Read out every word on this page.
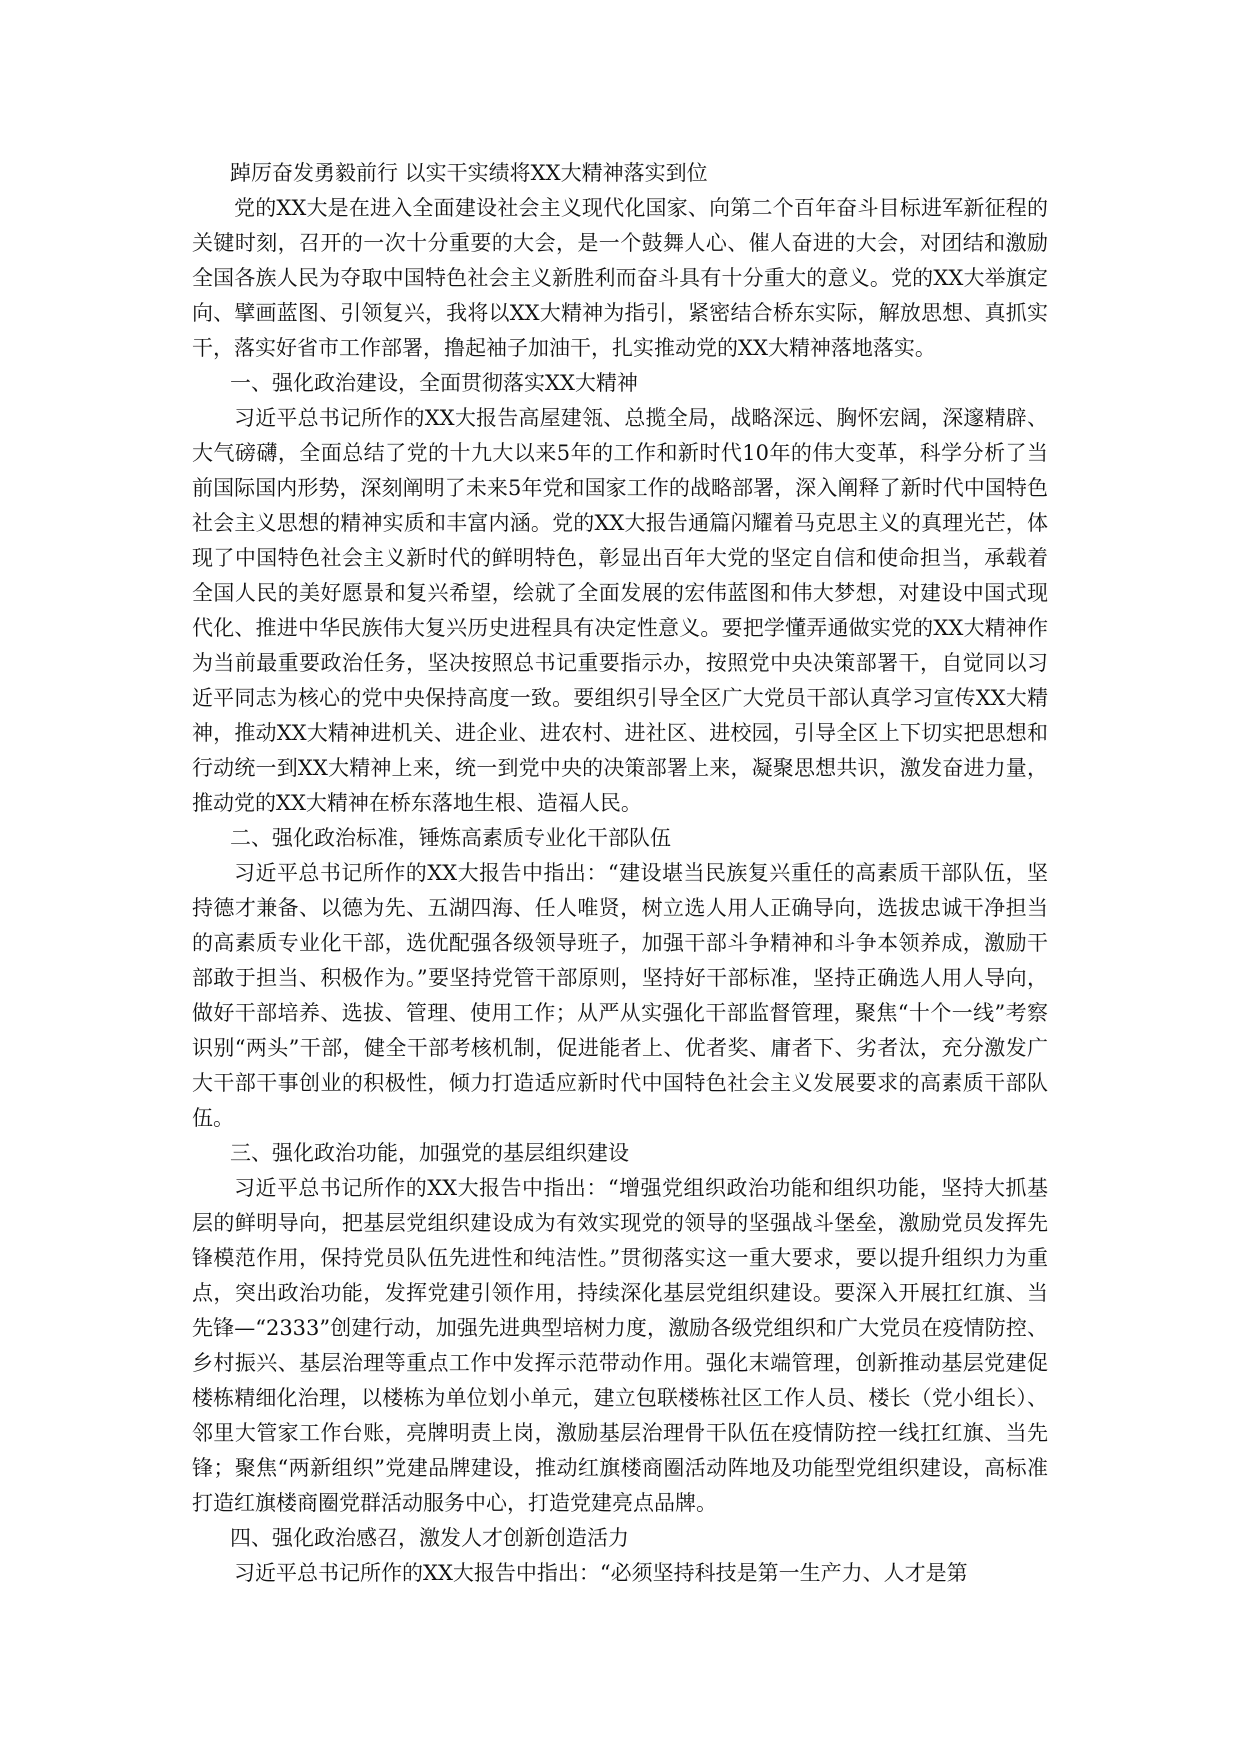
踔厉奋发勇毅前行 以实干实绩将XX大精神落实到位

党的XX大是在进入全面建设社会主义现代化国家、向第二个百年奋斗目标进军新征程的关键时刻，召开的一次十分重要的大会，是一个鼓舞人心、催人奋进的大会，对团结和激励全国各族人民为夺取中国特色社会主义新胜利而奋斗具有十分重大的意义。党的XX大举旗定向、擘画蓝图、引领复兴，我将以XX大精神为指引，紧密结合桥东实际，解放思想、真抓实干，落实好省市工作部署，撸起袖子加油干，扎实推动党的XX大精神落地落实。

一、强化政治建设，全面贯彻落实XX大精神

习近平总书记所作的XX大报告高屋建瓴、总揽全局，战略深远、胸怀宏阔，深邃精辟、大气磅礴，全面总结了党的十九大以来5年的工作和新时代10年的伟大变革，科学分析了当前国际国内形势，深刻阐明了未来5年党和国家工作的战略部署，深入阐释了新时代中国特色社会主义思想的精神实质和丰富内涵。党的XX大报告通篇闪耀着马克思主义的真理光芒，体现了中国特色社会主义新时代的鲜明特色，彰显出百年大党的坚定自信和使命担当，承载着全国人民的美好愿景和复兴希望，绘就了全面发展的宏伟蓝图和伟大梦想，对建设中国式现代化、推进中华民族伟大复兴历史进程具有决定性意义。要把学懂弄通做实党的XX大精神作为当前最重要政治任务，坚决按照总书记重要指示办，按照党中央决策部署干，自觉同以习近平同志为核心的党中央保持高度一致。要组织引导全区广大党员干部认真学习宣传XX大精神，推动XX大精神进机关、进企业、进农村、进社区、进校园，引导全区上下切实把思想和行动统一到XX大精神上来，统一到党中央的决策部署上来，凝聚思想共识，激发奋进力量，推动党的XX大精神在桥东落地生根、造福人民。

二、强化政治标准，锤炼高素质专业化干部队伍

习近平总书记所作的XX大报告中指出：“建设堪当民族复兴重任的高素质干部队伍，坚持德才兼备、以德为先、五湖四海、任人唯贤，树立选人用人正确导向，选拔忠诚干净担当的高素质专业化干部，选优配强各级领导班子，加强干部斗争精神和斗争本领养成，激励干部敢于担当、积极作为。”要坚持党管干部原则，坚持好干部标准，坚持正确选人用人导向，做好干部培养、选拔、管理、使用工作；从严从实强化干部监督管理，聚焦“十个一线”考察识别“两头”干部，健全干部考核机制，促进能者上、优者奖、庸者下、劣者汰，充分激发广大干部干事创业的积极性，倾力打造适应新时代中国特色社会主义发展要求的高素质干部队伍。

三、强化政治功能，加强党的基层组织建设

习近平总书记所作的XX大报告中指出：“增强党组织政治功能和组织功能，坚持大抓基层的鲜明导向，把基层党组织建设成为有效实现党的领导的坚强战斗堡垒，激励党员发挥先锋模范作用，保持党员队伍先进性和纯洁性。”贯彻落实这一重大要求，要以提升组织力为重点，突出政治功能，发挥党建引领作用，持续深化基层党组织建设。要深入开展扛红旗、当先锋—“2333”创建行动，加强先进典型培树力度，激励各级党组织和广大党员在疫情防控、乡村振兴、基层治理等重点工作中发挥示范带动作用。强化末端管理，创新推动基层党建促楼栋精细化治理，以楼栋为单位划小单元，建立包联楼栋社区工作人员、楼长（党小组长）、邻里大管家工作台账，亮牌明责上岗，激励基层治理骨干队伍在疫情防控一线扛红旗、当先锋；聚焦“两新组织”党建品牌建设，推动红旗楼商圈活动阵地及功能型党组织建设，高标准打造红旗楼商圈党群活动服务中心，打造党建亮点品牌。

四、强化政治感召，激发人才创新创造活力

习近平总书记所作的XX大报告中指出：“必须坚持科技是第一生产力、人才是第
